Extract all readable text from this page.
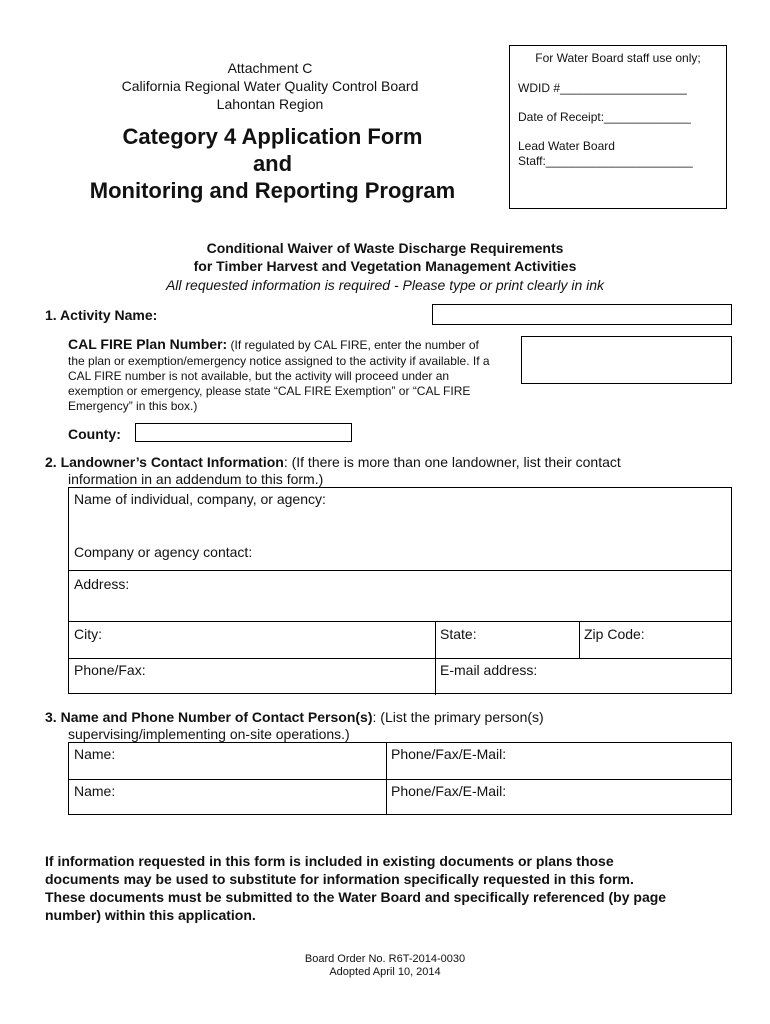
Attachment C
California Regional Water Quality Control Board
Lahontan Region
Category 4 Application Form
and
Monitoring and Reporting Program
For Water Board staff use only;
WDID #___________________
Date of Receipt:_____________
Lead Water Board
Staff:______________________
Conditional Waiver of Waste Discharge Requirements
for Timber Harvest and Vegetation Management Activities
All requested information is required - Please type or print clearly in ink
1. Activity Name:
CAL FIRE Plan Number: (If regulated by CAL FIRE, enter the number of
the plan or exemption/emergency notice assigned to the activity if available. If a
CAL FIRE number is not available, but the activity will proceed under an
exemption or emergency, please state “CAL FIRE Exemption” or “CAL FIRE
Emergency” in this box.)
County:
2. Landowner’s Contact Information: (If there is more than one landowner, list their contact
information in an addendum to this form.)
Name of individual, company, or agency:
Company or agency contact:
Address:
City:	State:	Zip Code:
Phone/Fax:	E-mail address:
3. Name and Phone Number of Contact Person(s): (List the primary person(s)
supervising/implementing on-site operations.)
Name:	Phone/Fax/E-Mail:
Name:	Phone/Fax/E-Mail:
If information requested in this form is included in existing documents or plans those
documents may be used to substitute for information specifically requested in this form.
These documents must be submitted to the Water Board and specifically referenced (by page
number) within this application.
Board Order No. R6T-2014-0030
Adopted April 10, 2014
